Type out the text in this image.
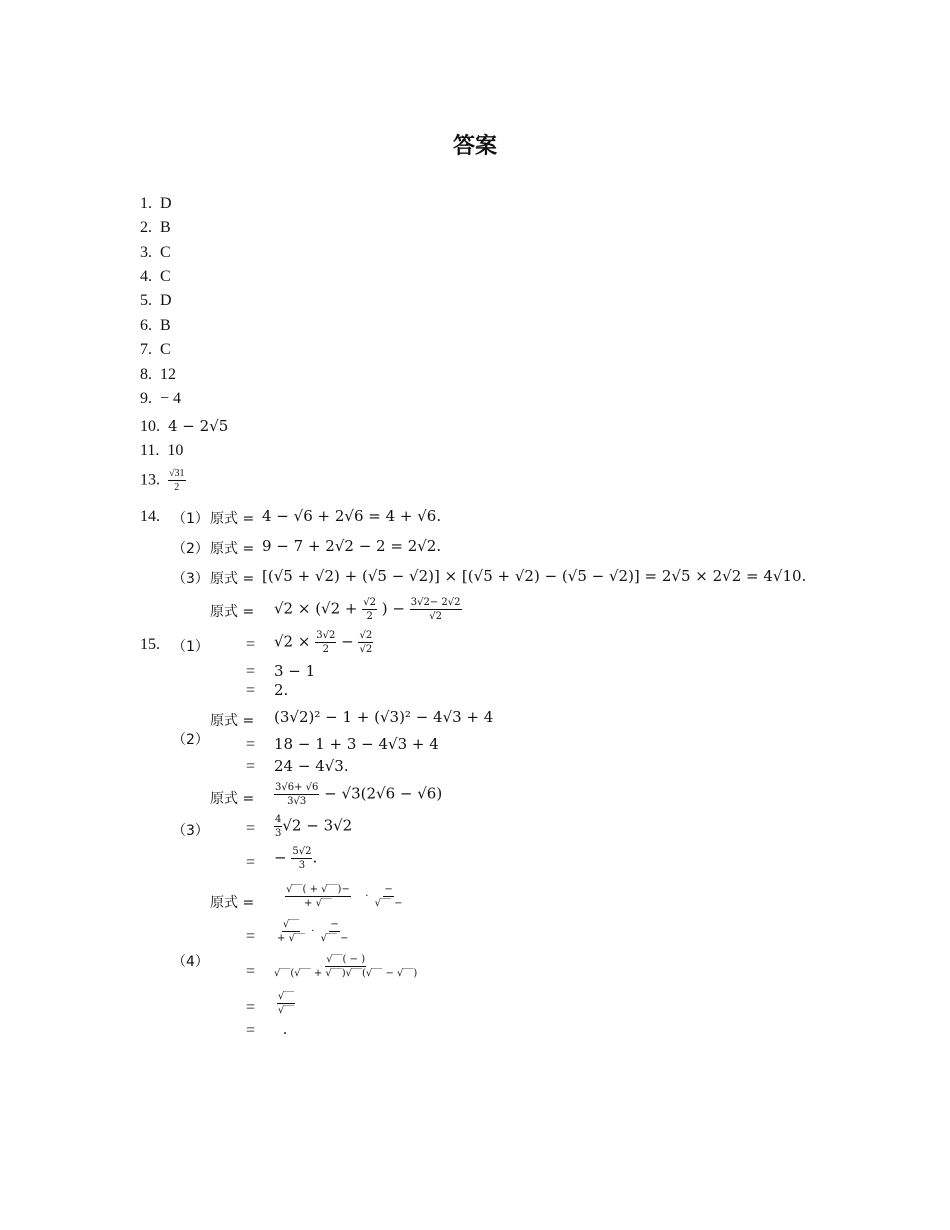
答案
1. D
2. B
3. C
4. C
5. D
6. B
7. C
8. 12
9. − 4
10. 4 − 2√5
11. 10
13. $\frac{√31}{2}$
14. （1） 原式 = 4 − √6 + 2√6 = 4 + √6.
（2） 原式 = 9 − 7 + 2√2 − 2 = 2√2.
（3） 原式 = [(√5 + √2) + (√5 − √2)] × [(√5 + √2) − (√5 − √2)] = 2√5 × 2√2 = 4√10.
15. （1）
原式 = $√2 \times (√2 + \frac{√2}{2}$ ) − $\frac{3√2- 2√2}{√2}$
= $√2 \times \frac{3√2}{2} - \frac{√2}{√2}$
= 3 − 1
= 2.
（2）
原式 = (3√2)² − 1 + (√3)² − 4√3 + 4
= 18 − 1 + 3 − 4√3 + 4
= 24 − 4√3.
（3）
原式 = $\frac{3√6+ √6}{3√3} - √3(2√6 - √6)$
= $\frac{4}{3} √2 - 3√2$
= − $\frac{5√2}{3}$ .
（4）
原式 = $\frac{√‾‾( + √‾‾)-}{+ √‾‾} \cdot \frac{-}{√‾‾ -}$
= $\frac{√‾‾}{+ √‾‾} \cdot \frac{-}{√‾‾ -}$
= $\frac{√‾‾( - )}{√‾‾(√‾‾ + √‾‾)√‾‾(√‾‾ - √‾‾)}$
= $\frac{√‾‾}{√‾‾}$
= .
